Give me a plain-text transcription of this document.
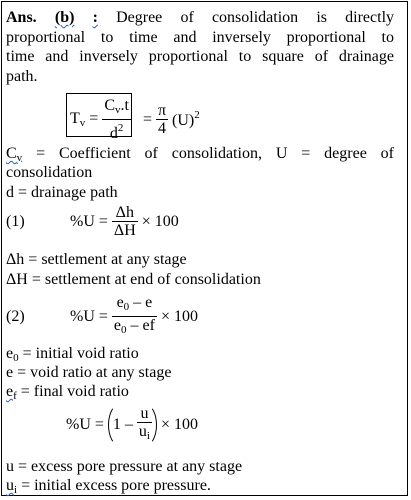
Ans. (b) : Degree of consolidation is directly
proportional to time and inversely proportional to
time and inversely proportional to square of drainage
path.
$T_v = \frac{C_v.t}{d^2} = \frac{\pi}{4} (U)^2$
$C_v$ = Coefficient of consolidation, U = degree of
consolidation
d = drainage path
(1)	$\%U = \frac{\Delta h}{\Delta H} \times 100$
Δh = settlement at any stage
ΔH = settlement at end of consolidation
(2)	$\%U = \frac{e_0 - e}{e_0 - ef} \times 100$
$e_0$ = initial void ratio
e = void ratio at any stage
$e_f$ = final void ratio
$\%U = 1 - \frac{u}{u_i} \times 100$
u = excess pore pressure at any stage
$u_i$ = initial excess pore pressure.
